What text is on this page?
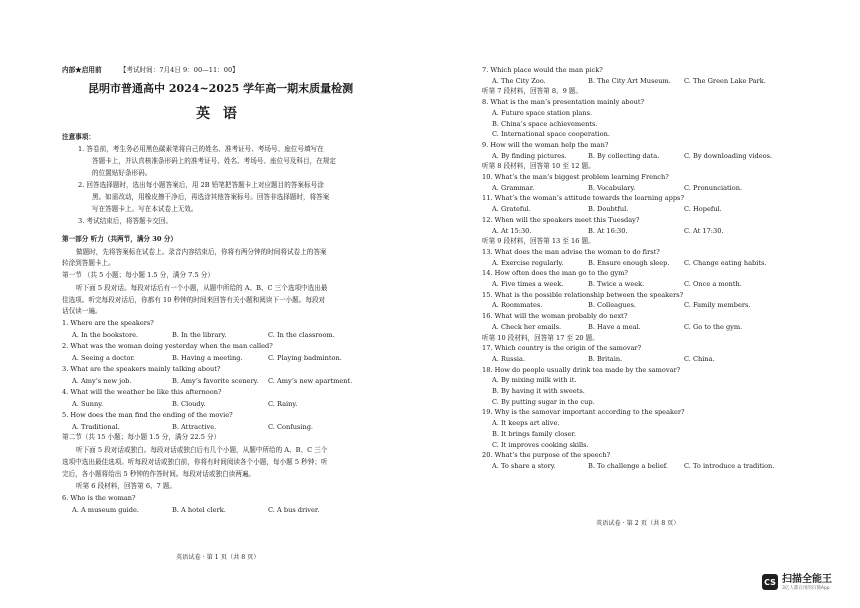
内部★启用前	【考试时间：7月4日 9：00—11：00】
昆明市普通高中 2024~2025 学年高一期末质量检测
英 语
注意事项：
1. 答卷前，考生务必用黑色碳素笔将自己的姓名、准考证号、考场号、座位号填写在
答题卡上，并认真核准条形码上的准考证号、姓名、考场号、座位号及科目，在规定
的位置贴好条形码。
2. 回答选择题时，选出每小题答案后，用 2B 铅笔把答题卡上对应题目的答案标号涂
黑。如需改动，用橡皮擦干净后，再选涂其他答案标号。回答非选择题时，将答案
写在答题卡上。写在本试卷上无效。
3. 考试结束后，将答题卡交回。
第一部分 听力（共两节，满分 30 分）
做题时，先将答案标在试卷上。录音内容结束后，你将有两分钟的时间将试卷上的答案
转涂到答题卡上。
第一节 （共 5 小题；每小题 1.5 分，满分 7.5 分）
听下面 5 段对话。每段对话后有一个小题，从题中所给的 A、B、C 三个选项中选出最
佳选项。听完每段对话后，你都有 10 秒钟的时间来回答有关小题和阅读下一小题。每段对
话仅读一遍。
1. Where are the speakers?
A. In the bookstore.	B. In the library.	C. In the classroom.
2. What was the woman doing yesterday when the man called?
A. Seeing a doctor.	B. Having a meeting.	C. Playing badminton.
3. What are the speakers mainly talking about?
A. Amy’s new job.	B. Amy’s favorite scenery. C. Amy’s new apartment.
4. What will the weather be like this afternoon?
A. Sunny.	B. Cloudy.	C. Rainy.
5. How does the man find the ending of the movie?
A. Traditional.	B. Attractive.	C. Confusing.
第二节（共 15 小题；每小题 1.5 分，满分 22.5 分）
听下面 5 段对话或独白。每段对话或独白后有几个小题，从题中所给的 A、B、C 三个
选项中选出最佳选项。听每段对话或独白前，你将有时间阅读各个小题，每小题 5 秒钟；听
完后，各小题将给出 5 秒钟的作答时间。每段对话或独白读两遍。
听第 6 段材料，回答第 6、7 题。
6. Who is the woman?
A. A museum guide.	B. A hotel clerk.	C. A bus driver.
英语试卷 · 第 1 页（共 8 页）
7. Which place would the man pick?
A. The City Zoo.	B. The City Art Museum. C. The Green Lake Park.
听第 7 段材料，回答第 8、9 题。
8. What is the man’s presentation mainly about?
A. Future space station plans.
B. China’s space achievements.
C. International space cooperation.
9. How will the woman help the man?
A. By finding pictures.	B. By collecting data.	C. By downloading videos.
听第 8 段材料，回答第 10 至 12 题。
10. What’s the man’s biggest problem learning French?
A. Grammar.	B. Vocabulary.	C. Pronunciation.
11. What’s the woman’s attitude towards the learning apps?
A. Grateful.	B. Doubtful.	C. Hopeful.
12. When will the speakers meet this Tuesday?
A. At 15:30.	B. At 16:30.	C. At 17:30.
听第 9 段材料，回答第 13 至 16 题。
13. What does the man advise the woman to do first?
A. Exercise regularly.	B. Ensure enough sleep. C. Change eating habits.
14. How often does the man go to the gym?
A. Five times a week.	B. Twice a week.	C. Once a month.
15. What is the possible relationship between the speakers?
A. Roommates.	B. Colleagues.	C. Family members.
16. What will the woman probably do next?
A. Check her emails.	B. Have a meal.	C. Go to the gym.
听第 10 段材料，回答第 17 至 20 题。
17. Which country is the origin of the samovar?
A. Russia.	B. Britain.	C. China.
18. How do people usually drink tea made by the samovar?
A. By mixing milk with it.
B. By having it with sweets.
C. By putting sugar in the cup.
19. Why is the samovar important according to the speaker?
A. It keeps art alive.
B. It brings family closer.
C. It improves cooking skills.
20. What’s the purpose of the speech?
A. To share a story.	B. To challenge a belief. C. To introduce a tradition.
英语试卷 · 第 2 页（共 8 页）
CS 扫描全能王
3亿人都在用的扫描App
